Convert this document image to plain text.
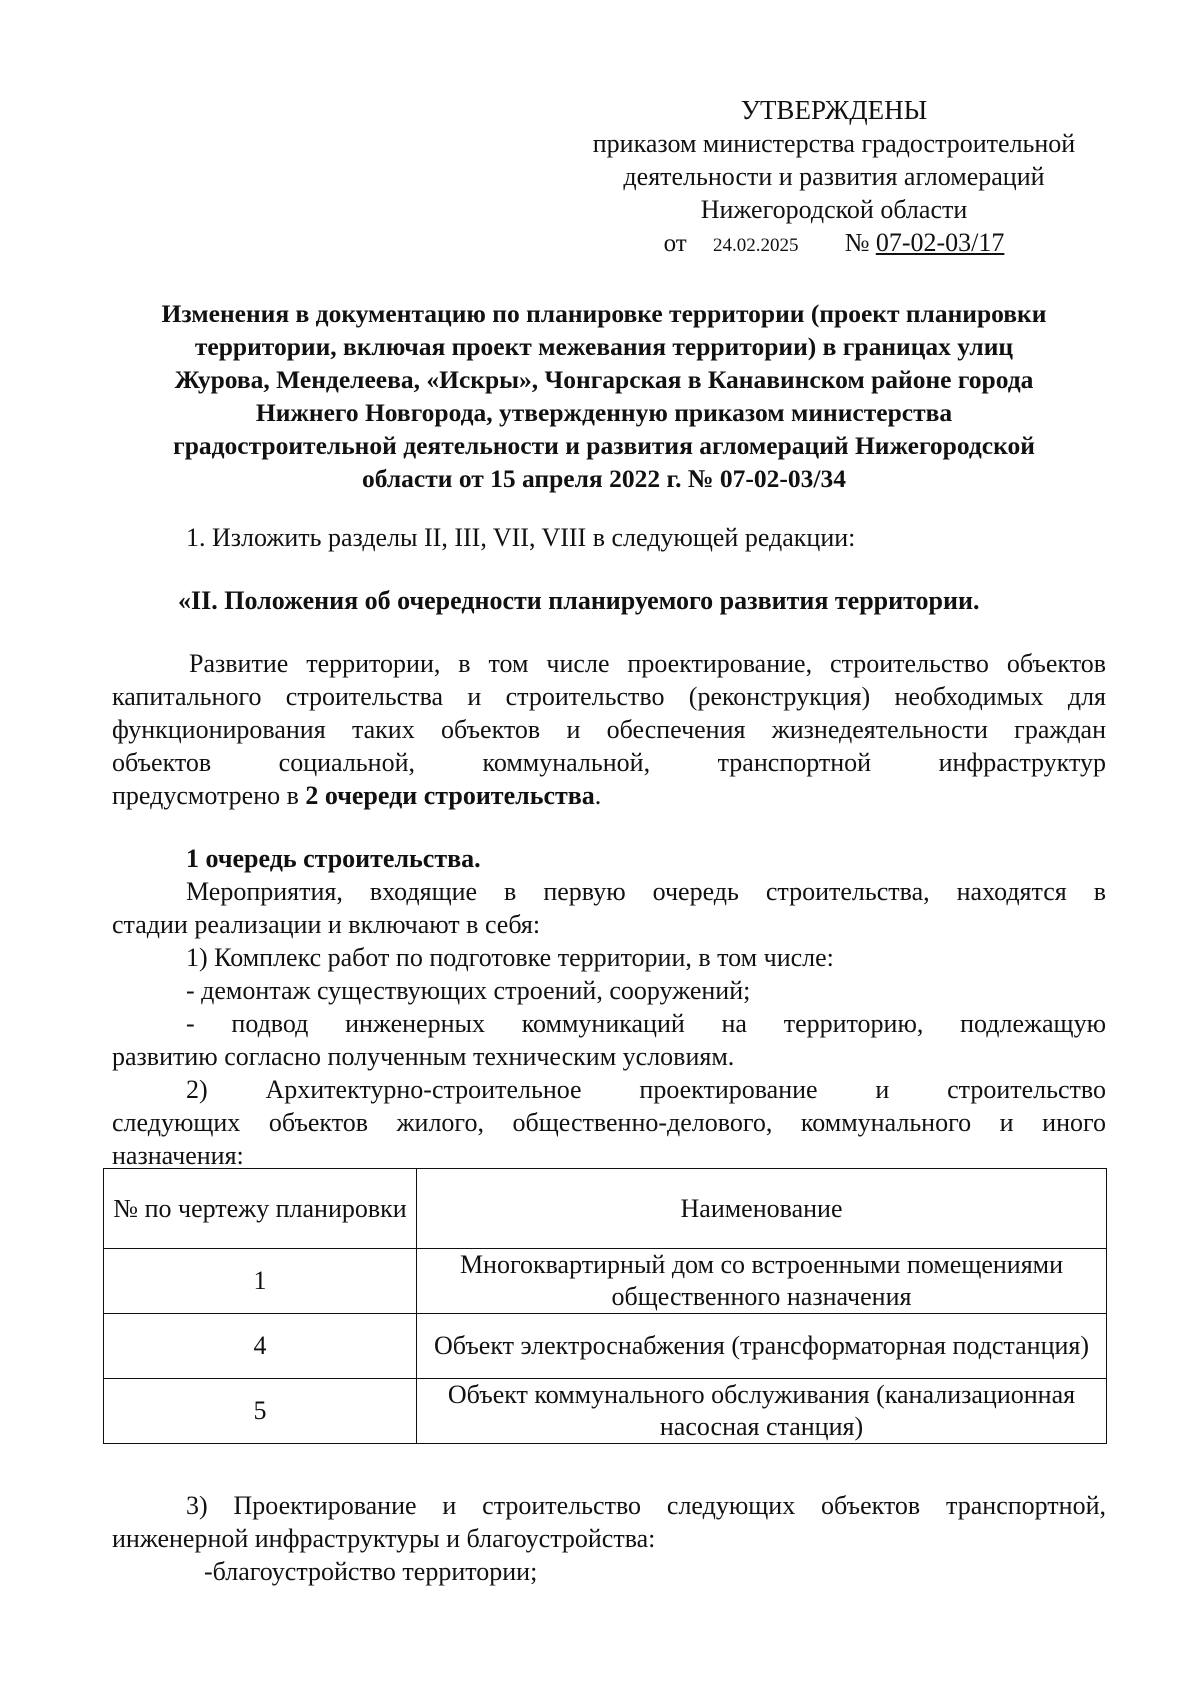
УТВЕРЖДЕНЫ
приказом министерства градостроительной
деятельности и развития агломераций
Нижегородской области
от 24.02.2025 № 07-02-03/17
Изменения в документацию по планировке территории (проект планировки
территории, включая проект межевания территории) в границах улиц
Журова, Менделеева, «Искры», Чонгарская в Канавинском районе города
Нижнего Новгорода, утвержденную приказом министерства
градостроительной деятельности и развития агломераций Нижегородской
области от 15 апреля 2022 г. № 07-02-03/34
1. Изложить разделы II, III, VII, VIII в следующей редакции:
«II. Положения об очередности планируемого развития территории.
Развитие территории, в том числе проектирование, строительство объектов
капитального строительства и строительство (реконструкция) необходимых для
функционирования таких объектов и обеспечения жизнедеятельности граждан
объектов социальной, коммунальной, транспортной инфраструктур
предусмотрено в 2 очереди строительства.
1 очередь строительства.
Мероприятия, входящие в первую очередь строительства, находятся в
стадии реализации и включают в себя:
1) Комплекс работ по подготовке территории, в том числе:
- демонтаж существующих строений, сооружений;
- подвод инженерных коммуникаций на территорию, подлежащую
развитию согласно полученным техническим условиям.
2) Архитектурно-строительное проектирование и строительство
следующих объектов жилого, общественно-делового, коммунального и иного
назначения:
№ по чертежу планировки	Наименование
1	Многоквартирный дом со встроенными помещениями общественного назначения
4	Объект электроснабжения (трансформаторная подстанция)
5	Объект коммунального обслуживания (канализационная насосная станция)
3) Проектирование и строительство следующих объектов транспортной,
инженерной инфраструктуры и благоустройства:
-благоустройство территории;
